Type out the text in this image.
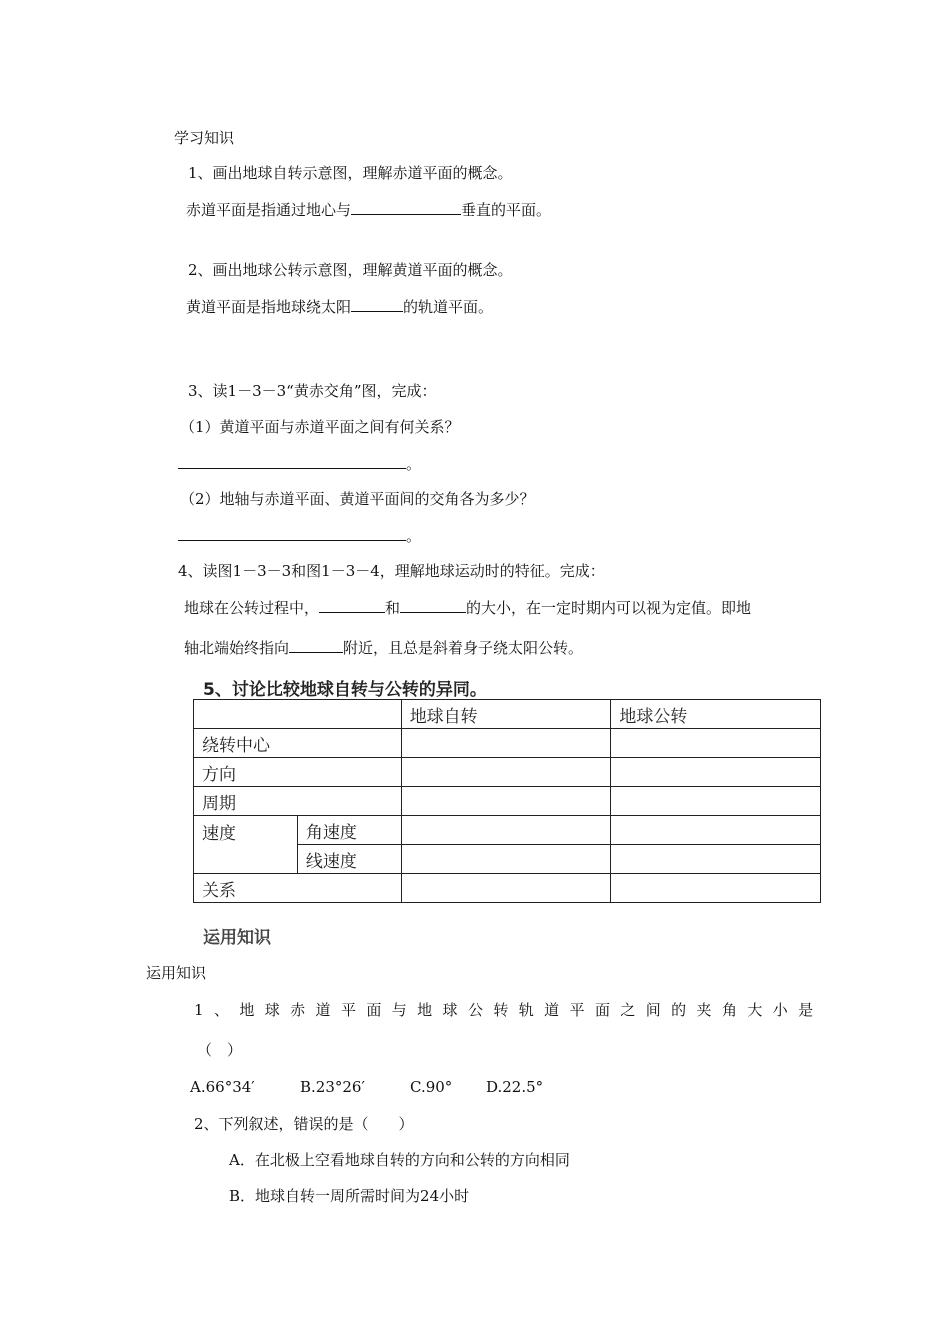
学习知识
1、画出地球自转示意图，理解赤道平面的概念。
赤道平面是指通过地心与	垂直的平面。
2、画出地球公转示意图，理解黄道平面的概念。
黄道平面是指地球绕太阳	的轨道平面。
3、读1－3－3“黄赤交角”图，完成：
（1）黄道平面与赤道平面之间有何关系？
。
（2）地轴与赤道平面、黄道平面间的交角各为多少？
。
4、读图1－3－3和图1－3－4，理解地球运动时的特征。完成：
地球在公转过程中，	和	的大小，在一定时期内可以视为定值。即地
轴北端始终指向	附近，且总是斜着身子绕太阳公转。
5、讨论比较地球自转与公转的异同。
		地球自转	地球公转
绕转中心			
方向			
周期			
速度	角速度		
	线速度		
关系			
运用知识
运用知识
1、地球赤道平面与地球公转轨道平面之间的夹角大小是
（　）
A.66°34′	B.23°26′	C.90° D.22.5°
2、下列叙述，错误的是（　　）
A．在北极上空看地球自转的方向和公转的方向相同
B．地球自转一周所需时间为24小时
